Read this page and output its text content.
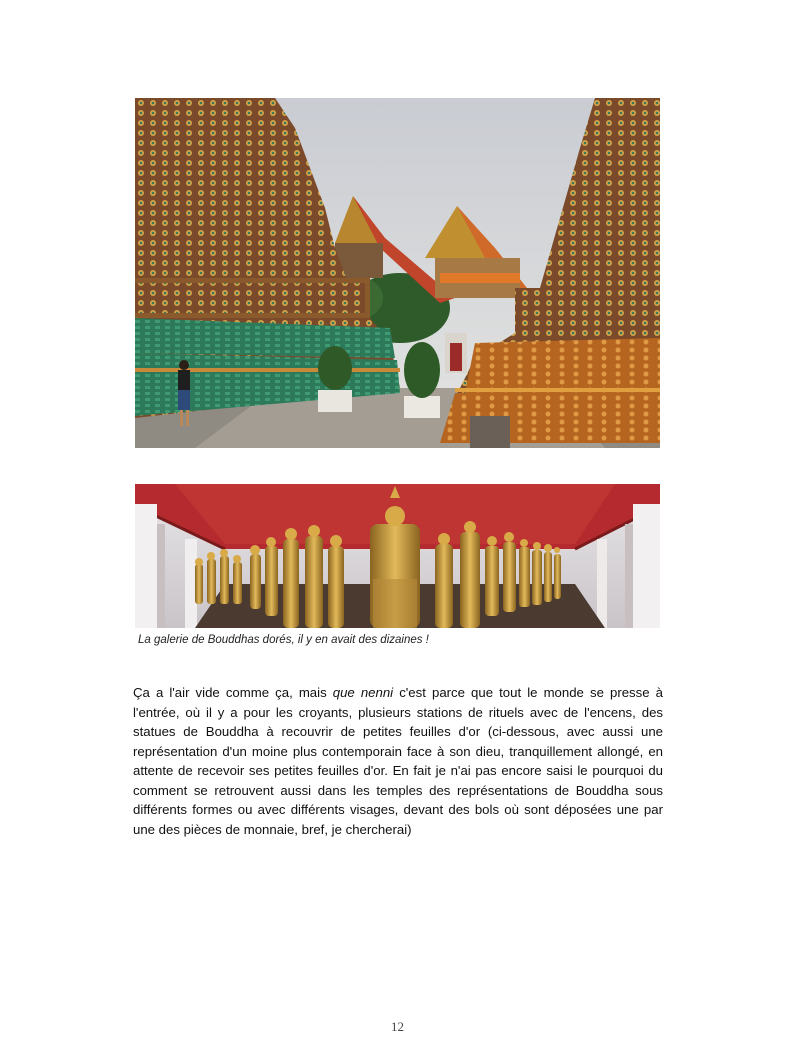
La galerie de Bouddhas dorés, il y en avait des dizaines !

Ça a l'air vide comme ça, mais que nenni c'est parce que tout le monde se presse à l'entrée, où il y a pour les croyants, plusieurs stations de rituels avec de l'encens, des statues de Bouddha à recouvrir de petites feuilles d'or (ci-dessous, avec aussi une représentation d'un moine plus contemporain face à son dieu, tranquillement allongé, en attente de recevoir ses petites feuilles d'or. En fait je n'ai pas encore saisi le pourquoi du comment se retrouvent aussi dans les temples des représentations de Bouddha sous différents formes ou avec différents visages, devant des bols où sont déposées une par une des pièces de monnaie, bref, je chercherai)

12
